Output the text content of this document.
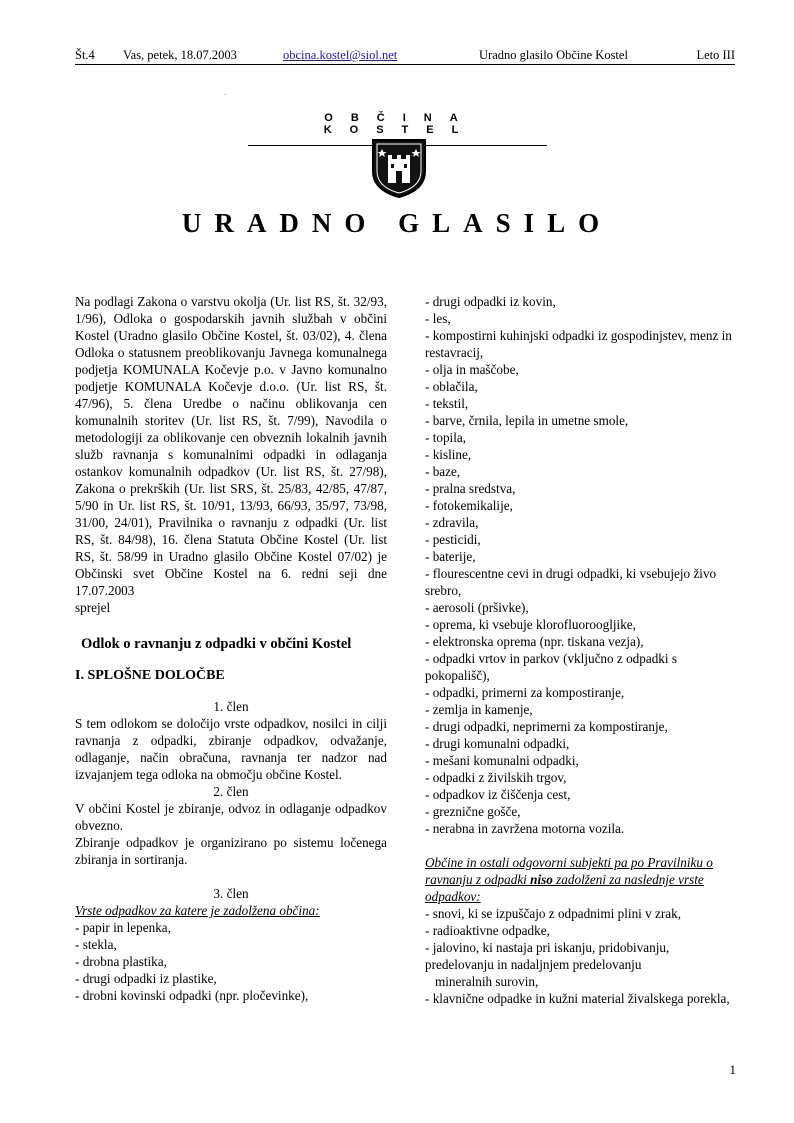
Št.4 Vas, petek, 18.07.2003	obcina.kostel@siol.net	Uradno glasilo Občine Kostel	Leto III
.
OBČINA KOSTEL
URADNO GLASILO

Na podlagi Zakona o varstvu okolja (Ur. list RS, št. 32/93, 1/96), Odloka o gospodarskih javnih službah v občini Kostel (Uradno glasilo Občine Kostel, št. 03/02), 4. člena Odloka o statusnem preoblikovanju Javnega komunalnega podjetja KOMUNALA Kočevje p.o. v Javno komunalno podjetje KOMUNALA Kočevje d.o.o. (Ur. list RS, št. 47/96), 5. člena Uredbe o načinu oblikovanja cen komunalnih storitev (Ur. list RS, št. 7/99), Navodila o metodologiji za oblikovanje cen obveznih lokalnih javnih služb ravnanja s komunalnimi odpadki in odlaganja ostankov komunalnih odpadkov (Ur. list RS, št. 27/98), Zakona o prekrških (Ur. list SRS, št. 25/83, 42/85, 47/87, 5/90 in Ur. list RS, št. 10/91, 13/93, 66/93, 35/97, 73/98, 31/00, 24/01), Pravilnika o ravnanju z odpadki (Ur. list RS, št. 84/98), 16. člena Statuta Občine Kostel (Ur. list RS, št. 58/99 in Uradno glasilo Občine Kostel 07/02) je Občinski svet Občine Kostel na 6. redni seji dne 17.07.2003

sprejel

Odlok o ravnanju z odpadki v občini Kostel

I. SPLOŠNE DOLOČBE

1. člen

S tem odlokom se določijo vrste odpadkov, nosilci in cilji ravnanja z odpadki, zbiranje odpadkov, odvažanje, odlaganje, način obračuna, ravnanja ter nadzor nad izvajanjem tega odloka na območju občine Kostel.

2. člen

V občini Kostel je zbiranje, odvoz in odlaganje odpadkov obvezno.

Zbiranje odpadkov je organizirano po sistemu ločenega zbiranja in sortiranja.

3. člen

Vrste odpadkov za katere je zadolžena občina:

- papir in lepenka,

- stekla,

- drobna plastika,

- drugi odpadki iz plastike,

- drobni kovinski odpadki (npr. pločevinke),

- drugi odpadki iz kovin,

- les,

- kompostirni kuhinjski odpadki iz gospodinjstev, menz in restavracij,

- olja in maščobe,

- oblačila,

- tekstil,

- barve, črnila, lepila in umetne smole,

- topila,

- kisline,

- baze,

- pralna sredstva,

- fotokemikalije,

- zdravila,

- pesticidi,

- baterije,

- flourescentne cevi in drugi odpadki, ki vsebujejo živo srebro,

- aerosoli (pršivke),

- oprema, ki vsebuje klorofluoroogljike,

- elektronska oprema (npr. tiskana vezja),

- odpadki vrtov in parkov (vključno z odpadki s pokopališč),

- odpadki, primerni za kompostiranje,

- zemlja in kamenje,

- drugi odpadki, neprimerni za kompostiranje,

- drugi komunalni odpadki,

- mešani komunalni odpadki,

- odpadki z živilskih trgov,

- odpadkov iz čiščenja cest,

- greznične gošče,

- nerabna in zavržena motorna vozila.

Občine in ostali odgovorni subjekti pa po Pravilniku o ravnanju z odpadki niso zadolženi za naslednje vrste odpadkov:

- snovi, ki se izpuščajo z odpadnimi plini v zrak,

- radioaktivne odpadke,

- jalovino, ki nastaja pri iskanju, pridobivanju, predelovanju in nadaljnjem predelovanju

mineralnih surovin,

- klavnične odpadke in kužni material živalskega porekla,

1
